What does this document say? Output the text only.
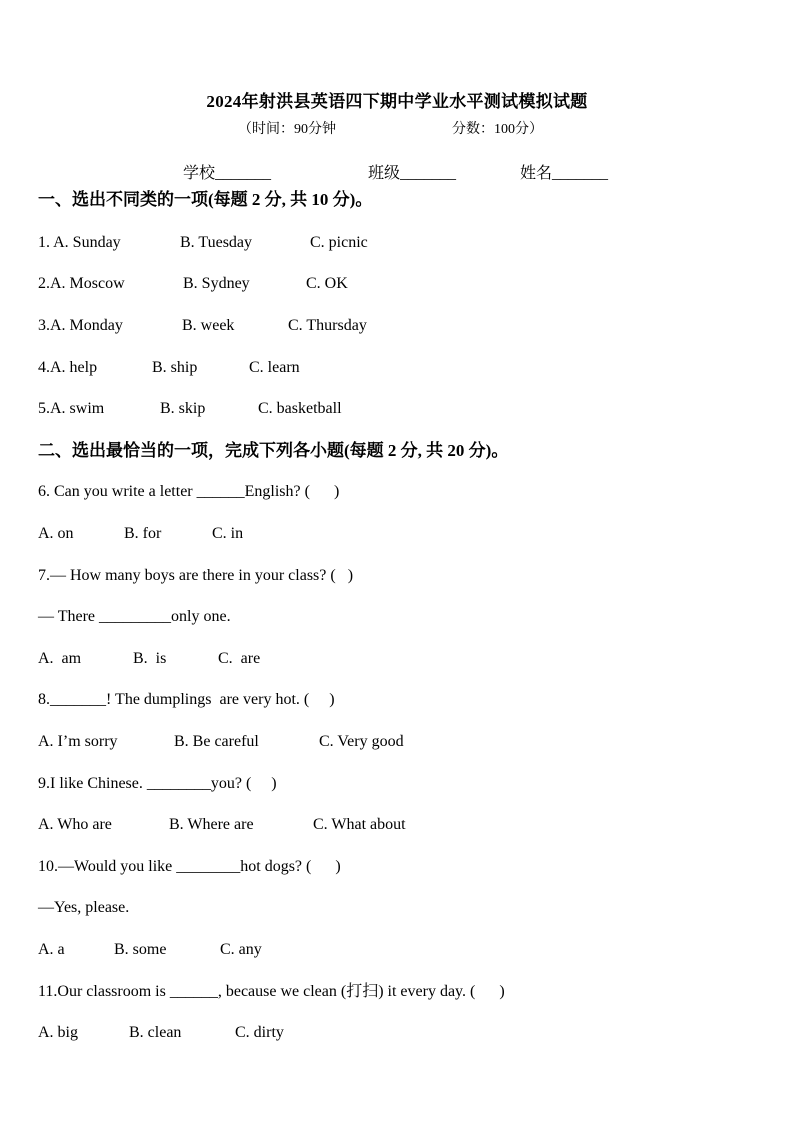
2024年射洪县英语四下期中学业水平测试模拟试题
（时间：90分钟	分数：100分）
学校_______	班级_______	姓名_______
一、选出不同类的一项(每题 2 分, 共 10 分)。
1. A. Sunday	B. Tuesday	C. picnic
2.A. Moscow	B. Sydney	C. OK
3.A. Monday	B. week	C. Thursday
4.A. help	B. ship	C. learn
5.A. swim	B. skip	C. basketball
二、选出最恰当的一项，完成下列各小题(每题 2 分, 共 20 分)。
6. Can you write a letter ______English? (      )
A. on	B. for	C. in
7.— How many boys are there in your class? (   )
— There _________only one.
A.  am	B.  is	C.  are
8._______! The dumplings  are very hot. (     )
A. I’m sorry	B. Be careful	C. Very good
9.I like Chinese. ________you? (     )
A. Who are	B. Where are	C. What about
10.—Would you like ________hot dogs? (      )
—Yes, please.
A. a	B. some	C. any
11.Our classroom is ______, because we clean (打扫) it every day. (      )
A. big	B. clean	C. dirty
